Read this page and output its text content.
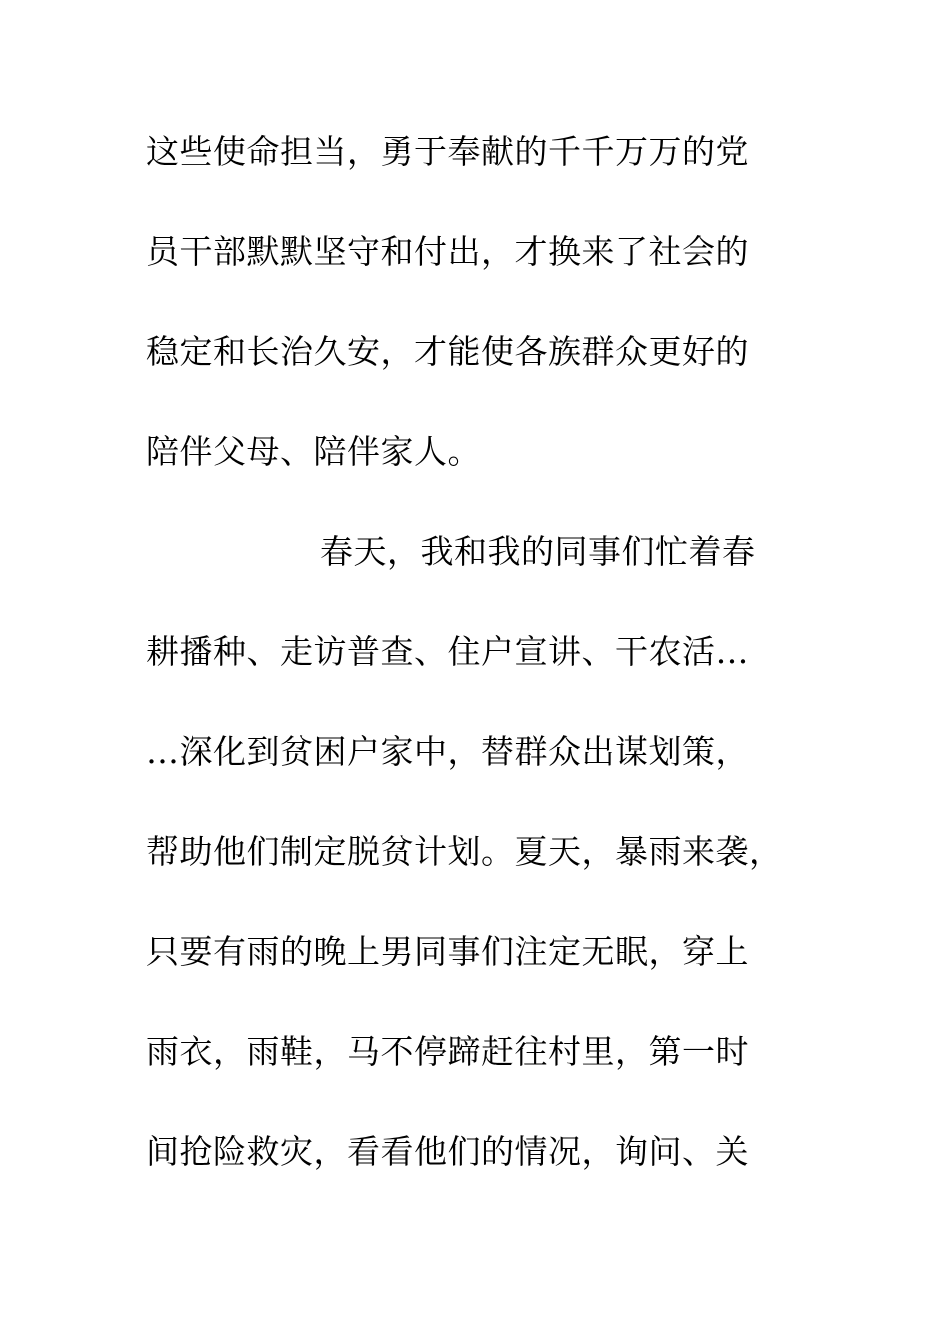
这些使命担当，勇于奉献的千千万万的党
员干部默默坚守和付出，才换来了社会的
稳定和长治久安，才能使各族群众更好的
陪伴父母、陪伴家人。
春天，我和我的同事们忙着春
耕播种、走访普查、住户宣讲、干农活…
…深化到贫困户家中，替群众出谋划策，
帮助他们制定脱贫计划。夏天，暴雨来袭，
只要有雨的晚上男同事们注定无眠，穿上
雨衣，雨鞋，马不停蹄赶往村里，第一时
间抢险救灾，看看他们的情况，询问、关
